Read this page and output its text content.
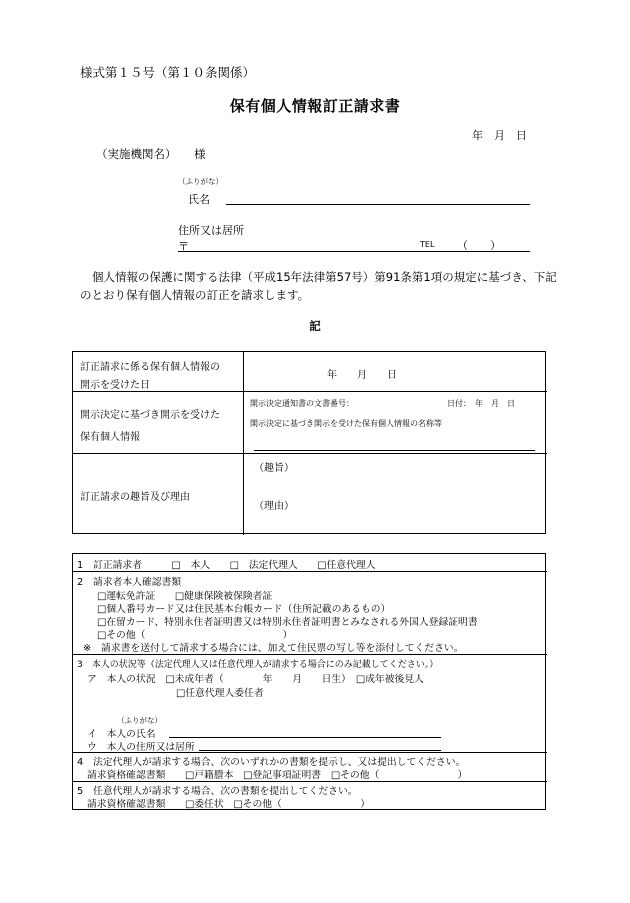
様式第１５号（第１０条関係）
保有個人情報訂正請求書
年　月　日
（実施機関名） 様
（ふりがな）
氏名
住所又は居所
〒	TEL （　　）
個人情報の保護に関する法律（平成15年法律第57号）第91条第1項の規定に基づき、下記のとおり保有個人情報の訂正を請求します。
記
訂正請求に係る保有個人情報の
開示を受けた日
年　　月　　日
開示決定に基づき開示を受けた
保有個人情報
開示決定通知書の文書番号：	日付：　年　月　日
開示決定に基づき開示を受けた保有個人情報の名称等
訂正請求の趣旨及び理由
（趣旨）
（理由）
1　訂正請求者　　　□　本人　　□　法定代理人　　□任意代理人
2　請求者本人確認書類
□運転免許証　　□健康保険被保険者証
□個人番号カード又は住民基本台帳カード（住所記載のあるもの）
□在留カード、特別永住者証明書又は特別永住者証明書とみなされる外国人登録証明書
□その他（　　　　　　　　　　　　　　）
※　請求書を送付して請求する場合には、加えて住民票の写し等を添付してください。
3　本人の状況等（法定代理人又は任意代理人が請求する場合にのみ記載してください。）
ア　本人の状況　□未成年者（　　　　年　　月　　日生）　□成年被後見人
□任意代理人委任者
（ふりがな）
イ　本人の氏名
ウ　本人の住所又は居所
4　法定代理人が請求する場合、次のいずれかの書類を提示し、又は提出してください。
請求資格確認書類　　□戸籍謄本　□登記事項証明書　□その他（　　　　　　　　）
5　任意代理人が請求する場合、次の書類を提出してください。
請求資格確認書類　　□委任状　□その他（　　　　　　　　）
